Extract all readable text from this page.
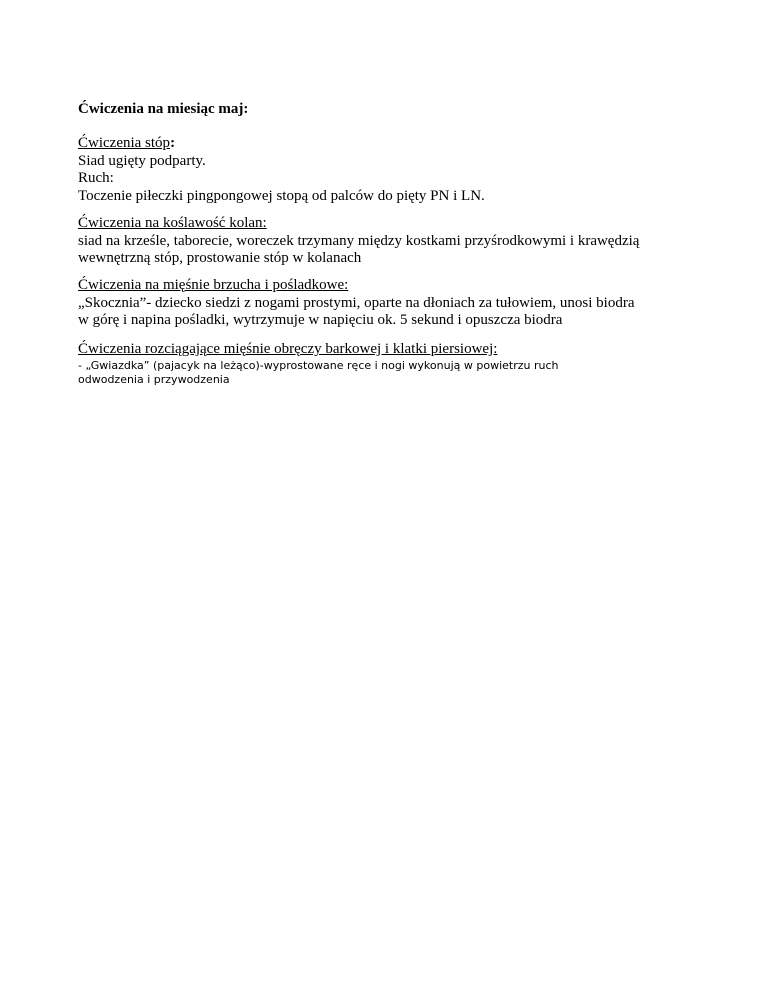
Ćwiczenia na miesiąc maj:
Ćwiczenia stóp:
Siad ugięty podparty.
Ruch:
Toczenie piłeczki pingpongowej stopą od palców do pięty PN i LN.
Ćwiczenia na koślawość kolan:
siad na krześle, taborecie, woreczek trzymany między kostkami przyśrodkowymi i krawędzią
wewnętrzną stóp, prostowanie stóp w kolanach
Ćwiczenia na mięśnie brzucha i pośladkowe:
„Skocznia”- dziecko siedzi z nogami prostymi, oparte na dłoniach za tułowiem, unosi biodra
w górę i napina pośladki, wytrzymuje w napięciu ok. 5 sekund i opuszcza biodra
Ćwiczenia rozciągające mięśnie obręczy barkowej i klatki piersiowej:
- „Gwiazdka” (pajacyk na leżąco)-wyprostowane ręce i nogi wykonują w powietrzu ruch
odwodzenia i przywodzenia
